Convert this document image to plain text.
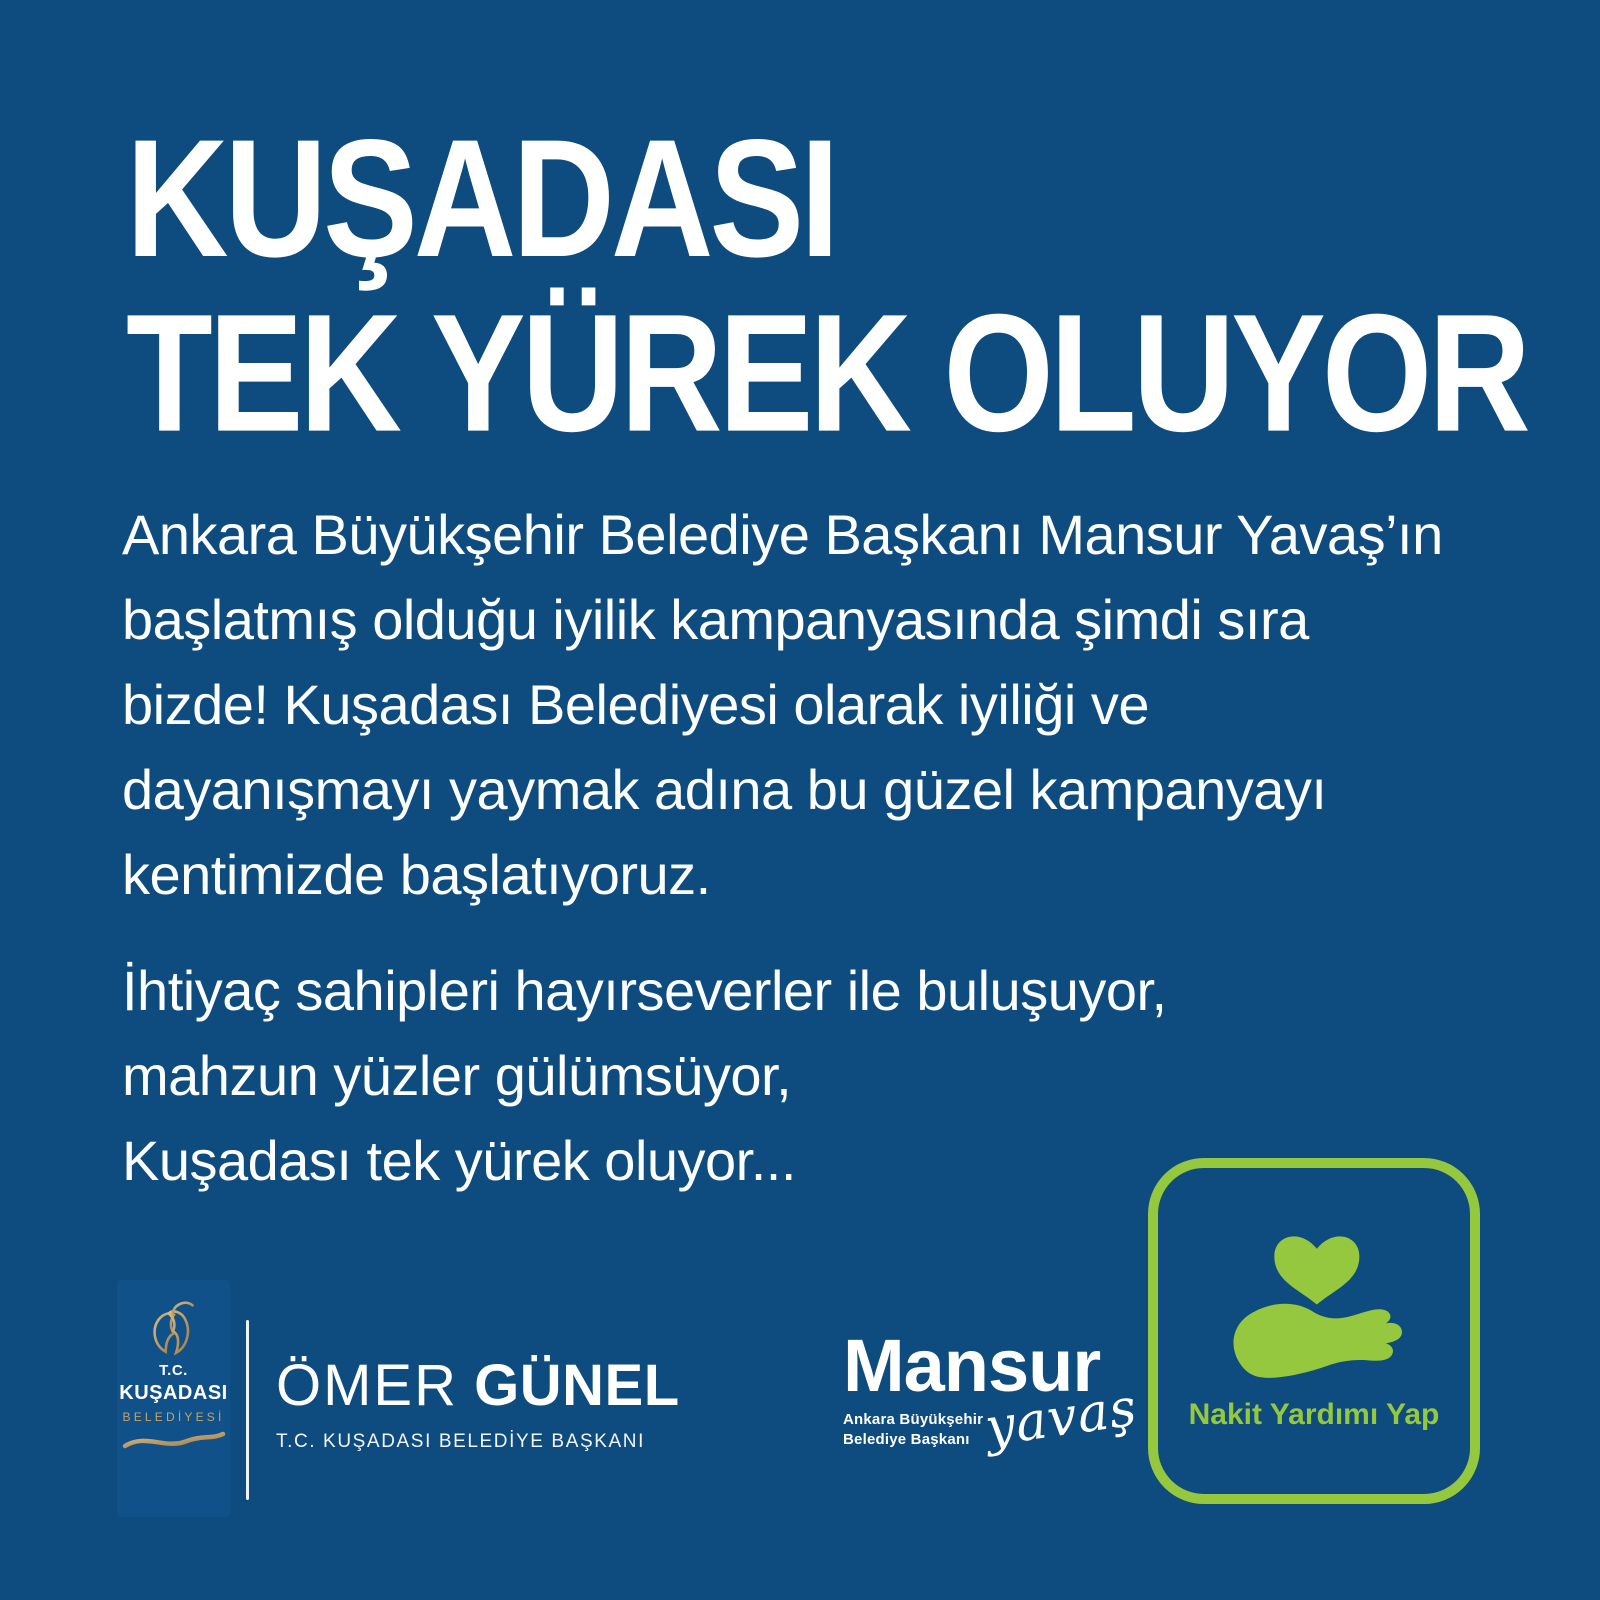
KUŞADASI
TEK YÜREK OLUYOR
Ankara Büyükşehir Belediye Başkanı Mansur Yavaş’ın
başlatmış olduğu iyilik kampanyasında şimdi sıra
bizde! Kuşadası Belediyesi olarak iyiliği ve
dayanışmayı yaymak adına bu güzel kampanyayı
kentimizde başlatıyoruz.
İhtiyaç sahipleri hayırseverler ile buluşuyor,
mahzun yüzler gülümsüyor,
Kuşadası tek yürek oluyor...
T.C.
KUŞADASI
BELEDİYESİ ÖMER GÜNEL
T.C. KUŞADASI BELEDİYE BAŞKANI
Mansur
Ankara Büyükşehir
Belediye Başkanı yavaş Nakit Yardımı Yap
